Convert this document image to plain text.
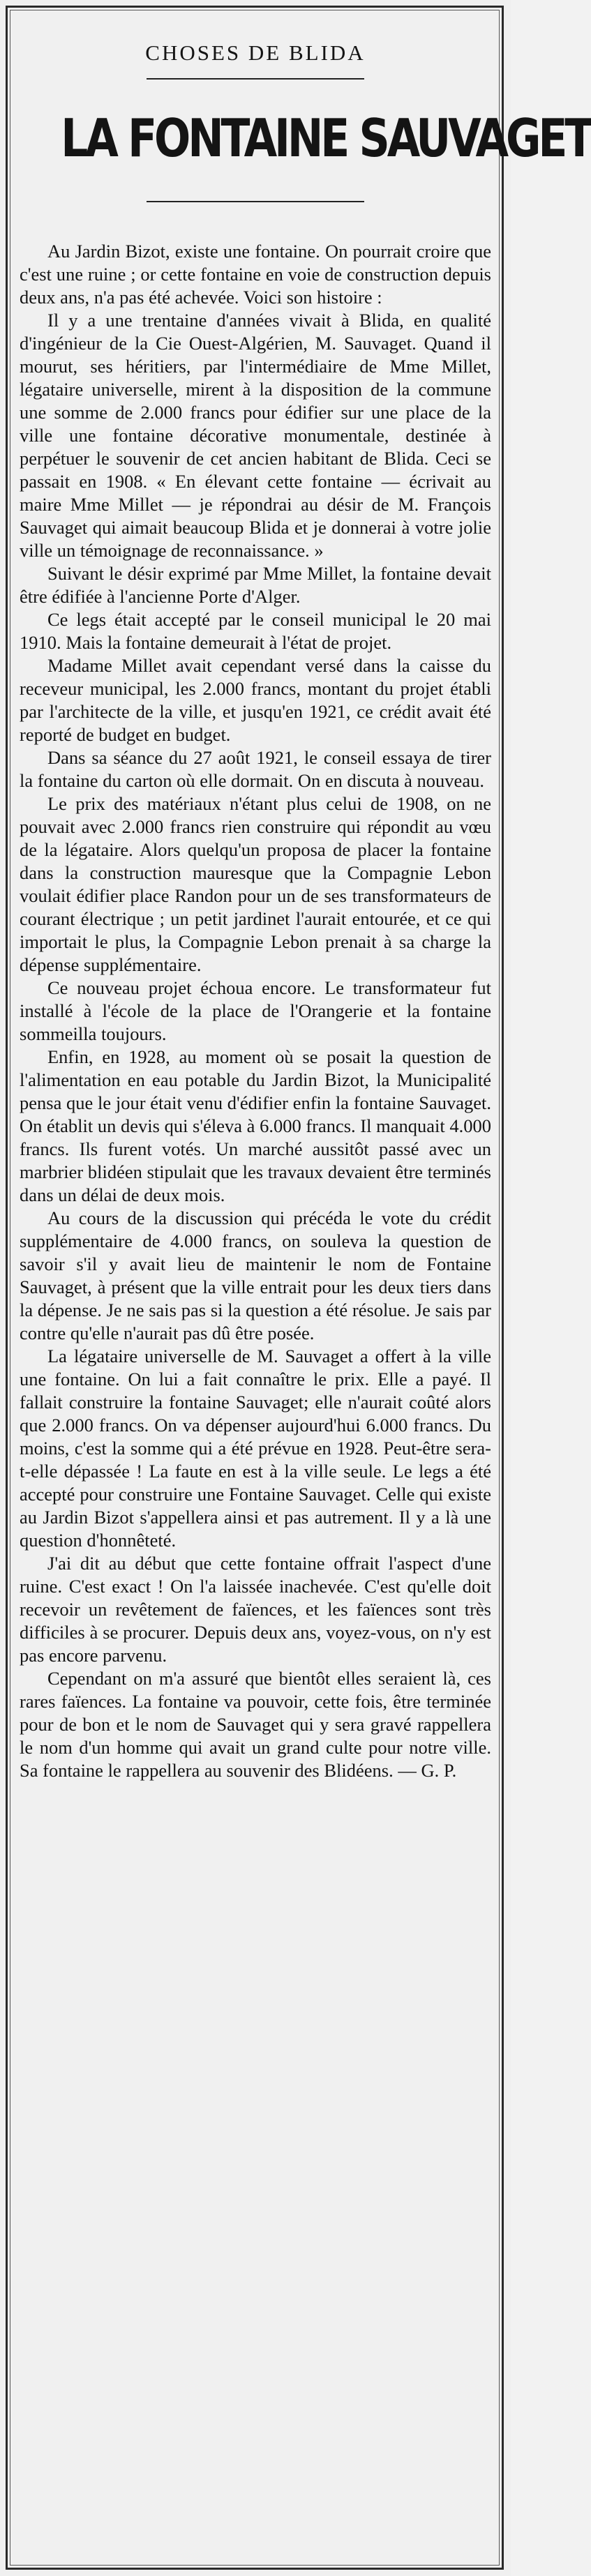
CHOSES DE BLIDA
LA FONTAINE SAUVAGET

Au Jardin Bizot, existe une fontaine. On pourrait croire que c'est une ruine ; or cette fontaine en voie de construction depuis deux ans, n'a pas été achevée. Voici son histoire :

Il y a une trentaine d'années vivait à Blida, en qualité d'ingénieur de la Cie Ouest-Algérien, M. Sauvaget. Quand il mourut, ses héritiers, par l'intermédiaire de Mme Millet, légataire universelle, mirent à la disposition de la commune une somme de 2.000 francs pour édifier sur une place de la ville une fontaine décorative monumentale, destinée à perpétuer le souvenir de cet ancien habitant de Blida. Ceci se passait en 1908. « En élevant cette fontaine — écrivait au maire Mme Millet — je répondrai au désir de M. François Sauvaget qui aimait beaucoup Blida et je donnerai à votre jolie ville un témoignage de reconnaissance. »

Suivant le désir exprimé par Mme Millet, la fontaine devait être édifiée à l'ancienne Porte d'Alger.

Ce legs était accepté par le conseil municipal le 20 mai 1910. Mais la fontaine demeurait à l'état de projet.

Madame Millet avait cependant versé dans la caisse du receveur municipal, les 2.000 francs, montant du projet établi par l'architecte de la ville, et jusqu'en 1921, ce crédit avait été reporté de budget en budget.

Dans sa séance du 27 août 1921, le conseil essaya de tirer la fontaine du carton où elle dormait. On en discuta à nouveau.

Le prix des matériaux n'étant plus celui de 1908, on ne pouvait avec 2.000 francs rien construire qui répondit au vœu de la légataire. Alors quelqu'un proposa de placer la fontaine dans la construction mauresque que la Compagnie Lebon voulait édifier place Randon pour un de ses transformateurs de courant électrique ; un petit jardinet l'aurait entourée, et ce qui importait le plus, la Compagnie Lebon prenait à sa charge la dépense supplémentaire.

Ce nouveau projet échoua encore. Le transformateur fut installé à l'école de la place de l'Orangerie et la fontaine sommeilla toujours.

Enfin, en 1928, au moment où se posait la question de l'alimentation en eau potable du Jardin Bizot, la Municipalité pensa que le jour était venu d'édifier enfin la fontaine Sauvaget. On établit un devis qui s'éleva à 6.000 francs. Il manquait 4.000 francs. Ils furent votés. Un marché aussitôt passé avec un marbrier blidéen stipulait que les travaux devaient être terminés dans un délai de deux mois.

Au cours de la discussion qui précéda le vote du crédit supplémentaire de 4.000 francs, on souleva la question de savoir s'il y avait lieu de maintenir le nom de Fontaine Sauvaget, à présent que la ville entrait pour les deux tiers dans la dépense. Je ne sais pas si la question a été résolue. Je sais par contre qu'elle n'aurait pas dû être posée.

La légataire universelle de M. Sauvaget a offert à la ville une fontaine. On lui a fait connaître le prix. Elle a payé. Il fallait construire la fontaine Sauvaget; elle n'aurait coûté alors que 2.000 francs. On va dépenser aujourd'hui 6.000 francs. Du moins, c'est la somme qui a été prévue en 1928. Peut-être sera-t-elle dépassée ! La faute en est à la ville seule. Le legs a été accepté pour construire une Fontaine Sauvaget. Celle qui existe au Jardin Bizot s'appellera ainsi et pas autrement. Il y a là une question d'honnêteté.

J'ai dit au début que cette fontaine offrait l'aspect d'une ruine. C'est exact ! On l'a laissée inachevée. C'est qu'elle doit recevoir un revêtement de faïences, et les faïences sont très difficiles à se procurer. Depuis deux ans, voyez-vous, on n'y est pas encore parvenu.

Cependant on m'a assuré que bientôt elles seraient là, ces rares faïences. La fontaine va pouvoir, cette fois, être terminée pour de bon et le nom de Sauvaget qui y sera gravé rappellera le nom d'un homme qui avait un grand culte pour notre ville. Sa fontaine le rappellera au souvenir des Blidéens. — G. P.
